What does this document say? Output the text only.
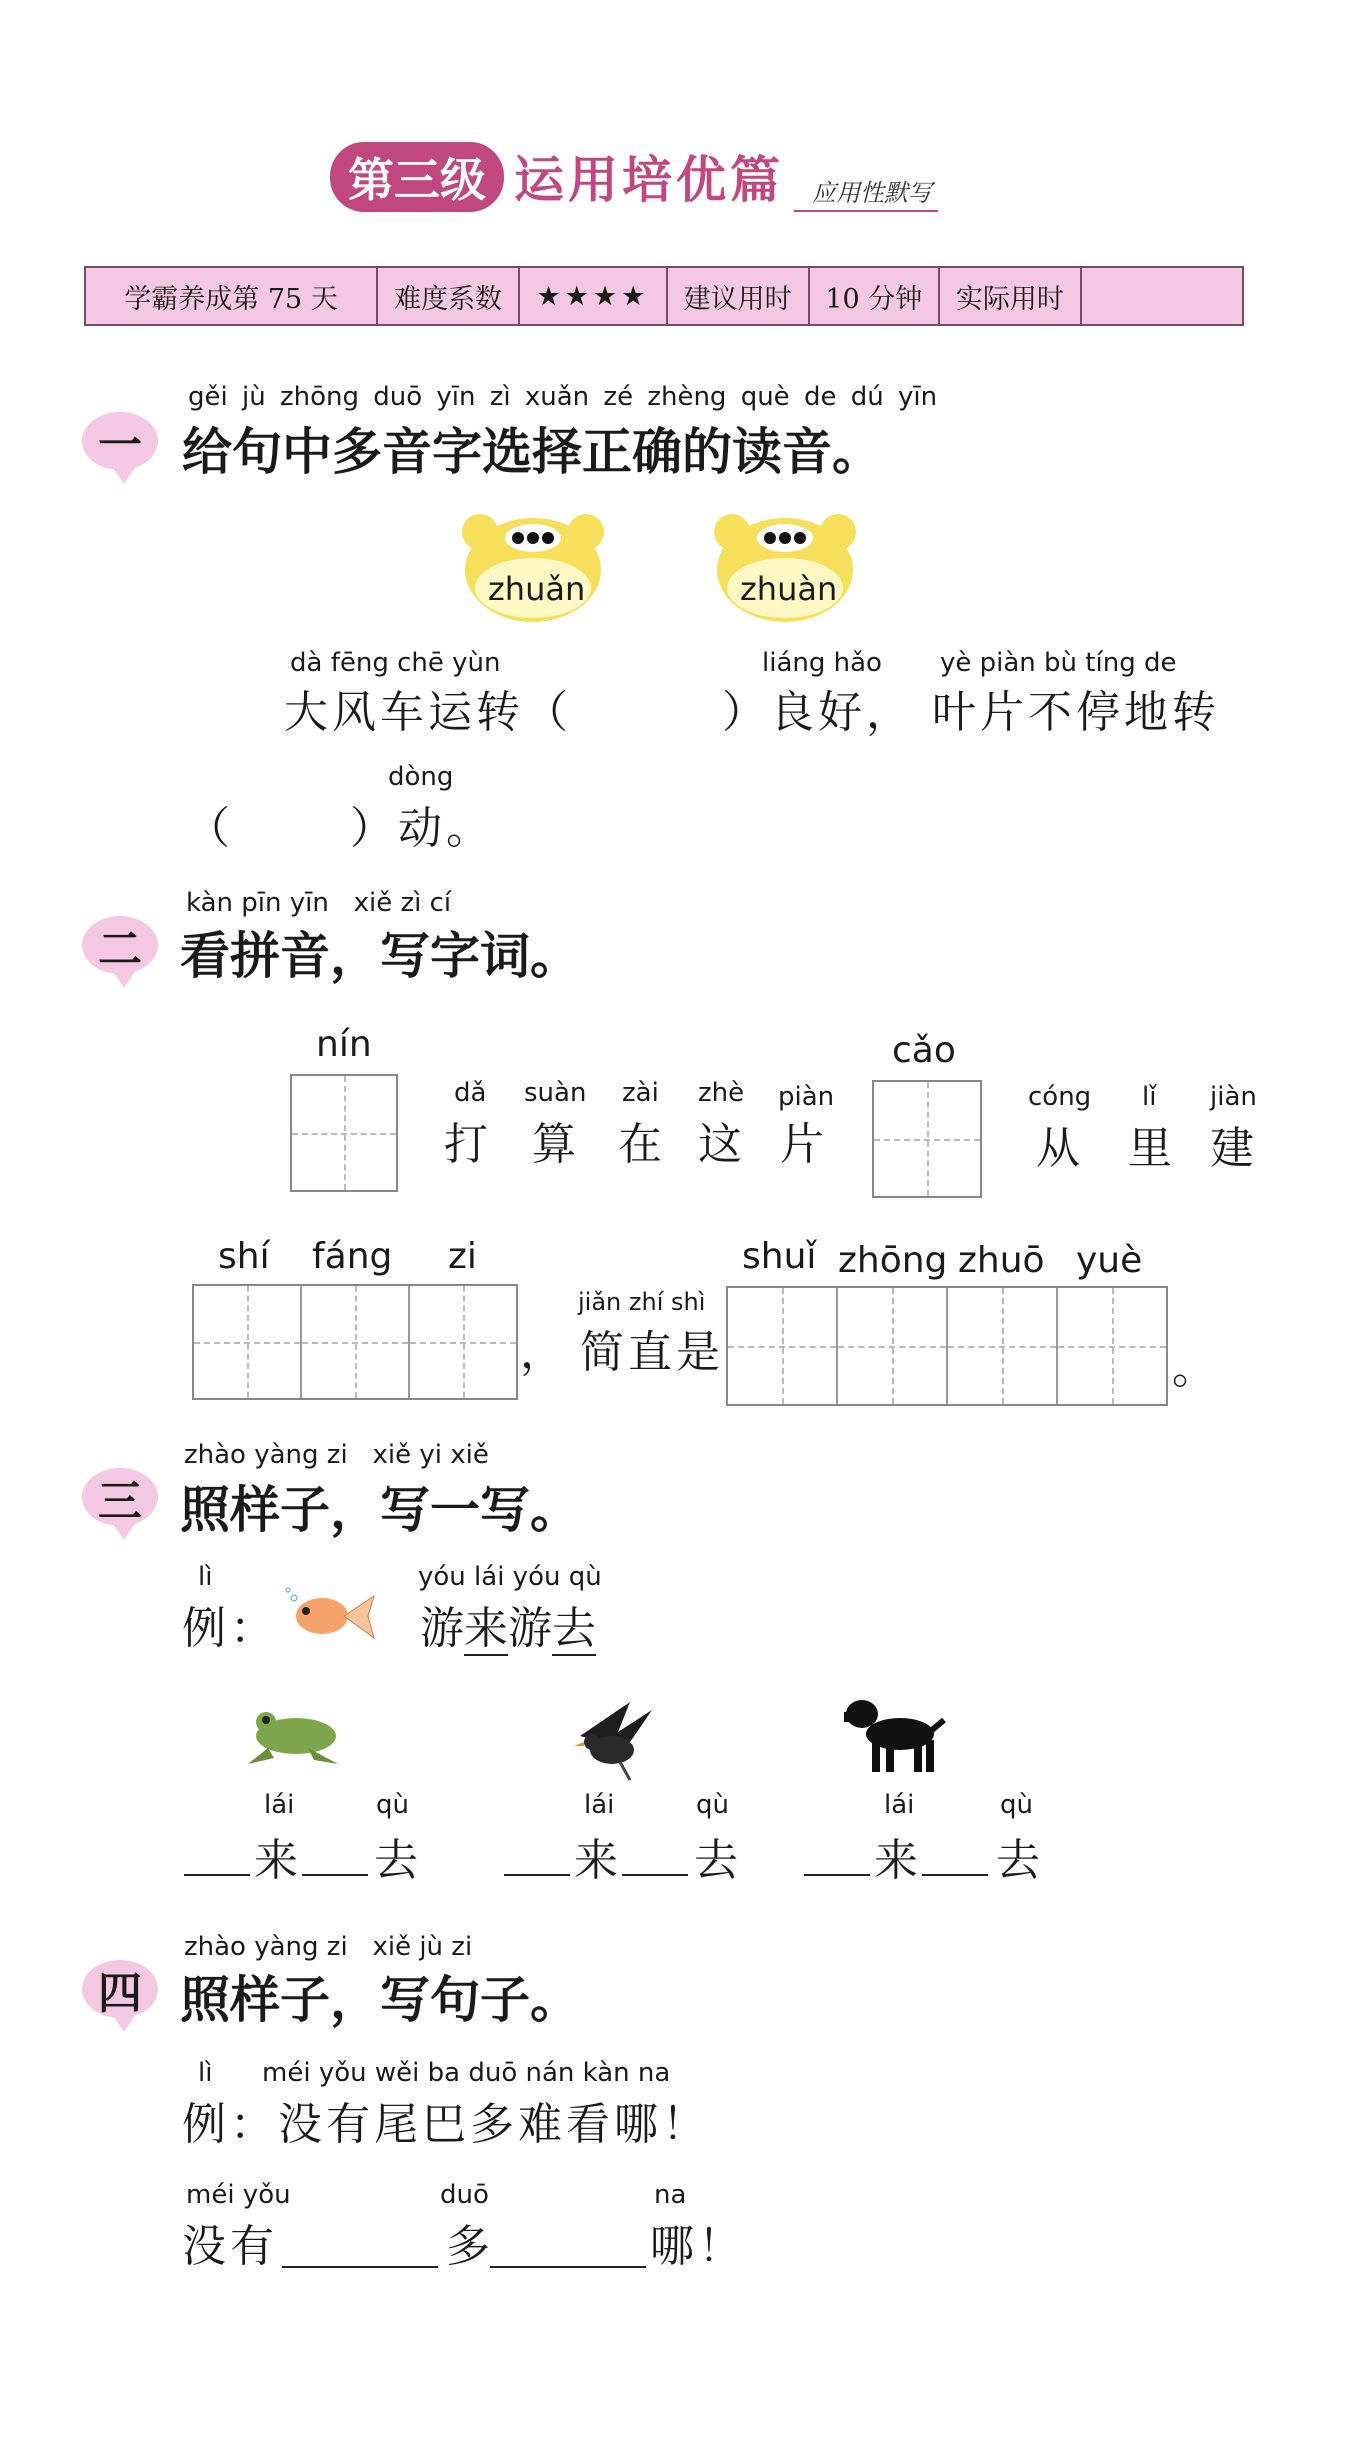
第三级 运用培优篇	应用性默写
学霸养成第 75 天	难度系数	★★★★	建议用时	10 分钟	实际用时	
一
gěi jù zhōng duō yīn zì xuǎn zé zhèng què de dú yīn
给句中多音字选择正确的读音。
zhuǎn	zhuàn
dà fēng chē yùn
大风车运转（
liáng hǎo
）良好，
yè piàn bù tíng de
叶片不停地转
dòng
（	）动。
二
kàn pīn yīn   xiě zì cí
看拼音，写字词。
nín
dǎ suàn zài zhè piàn
打 算 在 这 片
cǎo
cóng lǐ jiàn
从 里 建
shí fáng zi
jiǎn zhí shì
， 简直是
shuǐ zhōng zhuō yuè
。
三
zhào yàng zi   xiě yi xiě
照样子，写一写。
lì
例：
yóu lái yóu qù
游来游去
lái	qù
来 去
lái	qù
来 去
lái	qù
来 去
四
zhào yàng zi   xiě jù zi
照样子，写句子。
lì      méi yǒu wěi ba duō nán kàn na
例：没有尾巴多难看哪！
méi yǒu	duō	na
没有	多	哪！
